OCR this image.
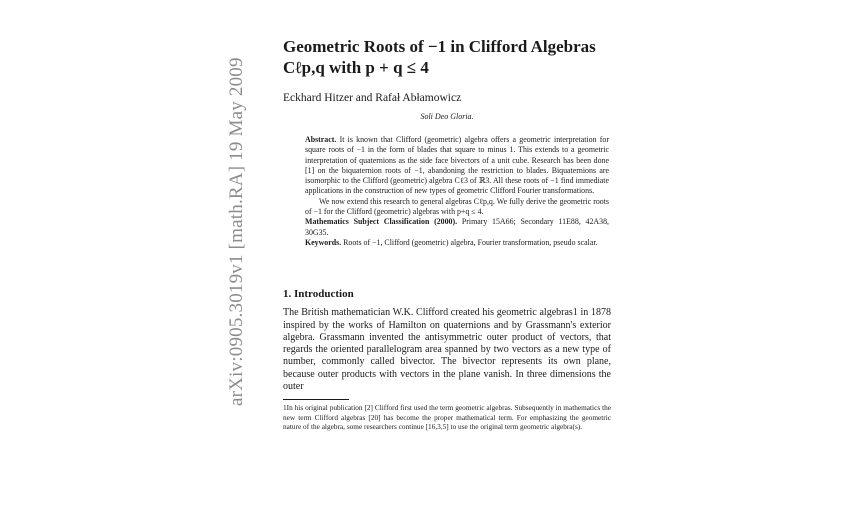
arXiv:0905.3019v1 [math.RA] 19 May 2009
Geometric Roots of −1 in Clifford Algebras
Cℓp,q with p + q ≤ 4
Eckhard Hitzer and Rafał Abłamowicz
Soli Deo Gloria.

Abstract. It is known that Clifford (geometric) algebra offers a geometric interpretation for square roots of −1 in the form of blades that square to minus 1. This extends to a geometric interpretation of quaternions as the side face bivectors of a unit cube. Research has been done [1] on the biquaternion roots of −1, abandoning the restriction to blades. Biquaternions are isomorphic to the Clifford (geometric) algebra Cℓ3 of ℝ3. All these roots of −1 find immediate applications in the construction of new types of geometric Clifford Fourier transformations.

We now extend this research to general algebras Cℓp,q. We fully derive the geometric roots of −1 for the Clifford (geometric) algebras with p+q ≤ 4.

Mathematics Subject Classification (2000). Primary 15A66; Secondary 11E88, 42A38, 30G35.

Keywords. Roots of −1, Clifford (geometric) algebra, Fourier transformation, pseudo scalar.

1. Introduction
The British mathematician W.K. Clifford created his geometric algebras1 in 1878 inspired by the works of Hamilton on quaternions and by Grassmann's exterior algebra. Grassmann invented the antisymmetric outer product of vectors, that regards the oriented parallelogram area spanned by two vectors as a new type of number, commonly called bivector. The bivector represents its own plane, because outer products with vectors in the plane vanish. In three dimensions the outer
1In his original publication [2] Clifford first used the term geometric algebras. Subsequently in mathematics the new term Clifford algebras [20] has become the proper mathematical term. For emphasizing the geometric nature of the algebra, some researchers continue [16,3,5] to use the original term geometric algebra(s).
